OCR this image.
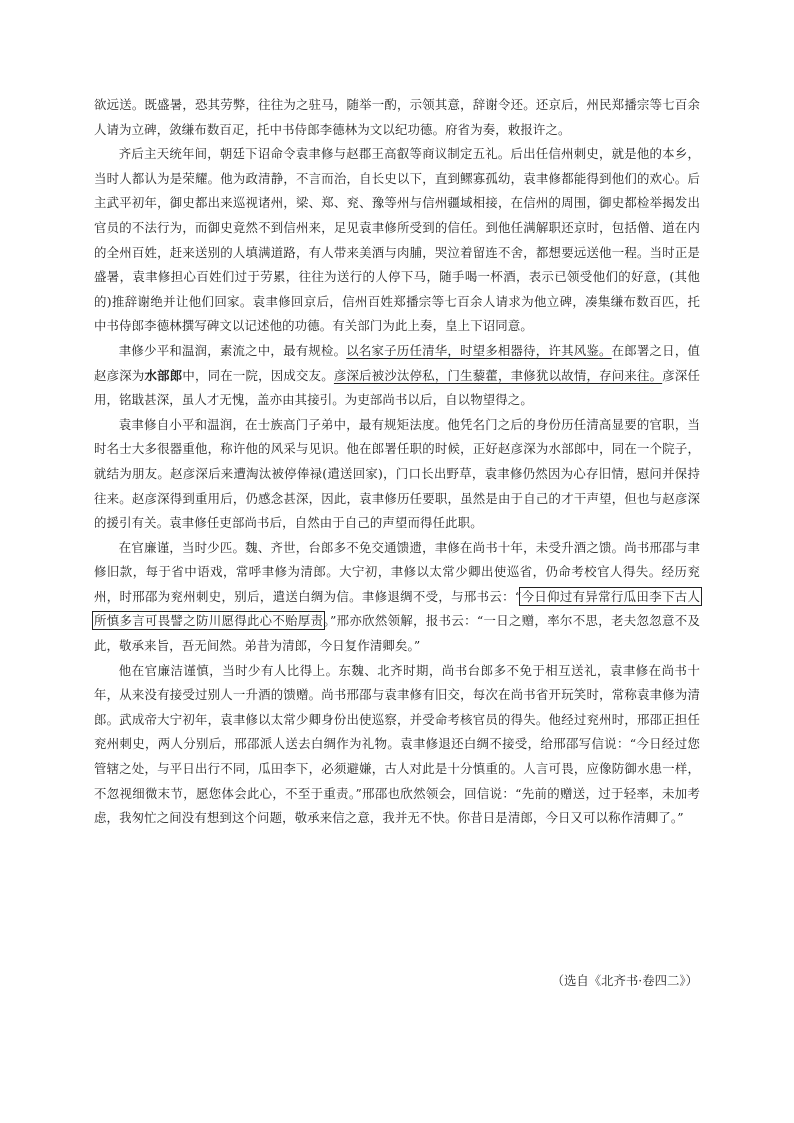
欲远送。既盛暑，恐其劳弊，往往为之驻马，随举一酌，示领其意，辞谢令还。还京后，州民郑播宗等七百余人请为立碑，敛缣布数百疋，托中书侍郎李德林为文以纪功德。府省为奏，敕报许之。

齐后主天统年间，朝廷下诏命令袁聿修与赵郡王高叡等商议制定五礼。后出任信州刺史，就是他的本乡，当时人都认为是荣耀。他为政清静，不言而治，自长史以下，直到鳏寡孤幼，袁聿修都能得到他们的欢心。后主武平初年，御史都出来巡视诸州，梁、郑、兖、豫等州与信州疆域相接，在信州的周围，御史都检举揭发出官员的不法行为，而御史竟然不到信州来，足见袁聿修所受到的信任。到他任满解职还京时，包括僧、道在内的全州百姓，赶来送别的人填满道路，有人带来美酒与肉脯，哭泣着留连不舍，都想要远送他一程。当时正是盛暑，袁聿修担心百姓们过于劳累，往往为送行的人停下马，随手喝一杯酒，表示已领受他们的好意，(其他的)推辞谢绝并让他们回家。袁聿修回京后，信州百姓郑播宗等七百余人请求为他立碑，凑集缣布数百匹，托中书侍郎李德林撰写碑文以记述他的功德。有关部门为此上奏，皇上下诏同意。

聿修少平和温润，素流之中，最有规检。以名家子历任清华，时望多相器待，许其风鉴。在郎署之日，值赵彦深为水部郎中，同在一院，因成交友。彦深后被沙汰停私，门生藜藿，聿修犹以故情，存问来往。彦深任用，铭戢甚深，虽人才无愧，盖亦由其接引。为吏部尚书以后，自以物望得之。

袁聿修自小平和温润，在士族高门子弟中，最有规矩法度。他凭名门之后的身份历任清高显要的官职，当时名士大多很器重他，称许他的风采与见识。他在郎署任职的时候，正好赵彦深为水部郎中，同在一个院子，就结为朋友。赵彦深后来遭淘汰被停俸禄(遣送回家)，门口长出野草，袁聿修仍然因为心存旧情，慰问并保持往来。赵彦深得到重用后，仍感念甚深，因此，袁聿修历任要职，虽然是由于自己的才干声望，但也与赵彦深的援引有关。袁聿修任吏部尚书后，自然由于自己的声望而得任此职。

在官廉谨，当时少匹。魏、齐世，台郎多不免交通馈遗，聿修在尚书十年，未受升酒之馈。尚书邢邵与聿修旧款，每于省中语戏，常呼聿修为清郎。大宁初，聿修以太常少卿出使巡省，仍命考校官人得失。经历兖州，时邢邵为兖州刺史，别后，遣送白绸为信。聿修退绸不受，与邢书云：“今日仰过有异常行瓜田李下古人所慎多言可畏譬之防川愿得此心不贻厚责。”邢亦欣然领解，报书云：“一日之赠，率尔不思，老夫忽忽意不及此，敬承来旨，吾无间然。弟昔为清郎，今日复作清卿矣。”

他在官廉洁谨慎，当时少有人比得上。东魏、北齐时期，尚书台郎多不免于相互送礼，袁聿修在尚书十年，从来没有接受过别人一升酒的馈赠。尚书邢邵与袁聿修有旧交，每次在尚书省开玩笑时，常称袁聿修为清郎。武成帝大宁初年，袁聿修以太常少卿身份出使巡察，并受命考核官员的得失。他经过兖州时，邢邵正担任兖州刺史，两人分别后，邢邵派人送去白绸作为礼物。袁聿修退还白绸不接受，给邢邵写信说：“今日经过您管辖之处，与平日出行不同，瓜田李下，必须避嫌，古人对此是十分慎重的。人言可畏，应像防御水患一样，不忽视细微末节，愿您体会此心，不至于重责。”邢邵也欣然领会，回信说：“先前的赠送，过于轻率，未加考虑，我匆忙之间没有想到这个问题，敬承来信之意，我并无不快。你昔日是清郎，今日又可以称作清卿了。”

（选自《北齐书·卷四二》）
